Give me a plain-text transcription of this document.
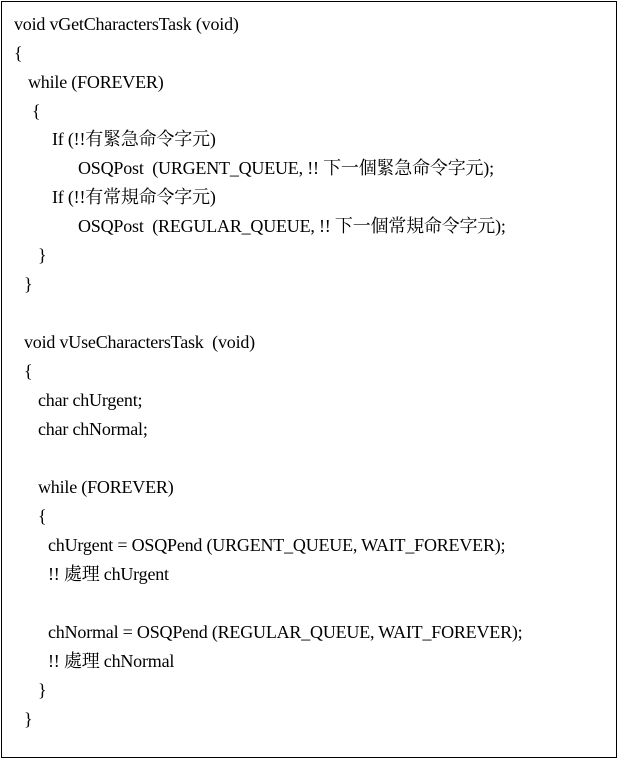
void vGetCharactersTask (void)
{
while (FOREVER)
{
If (!!有緊急命令字元)
OSQPost  (URGENT_QUEUE, !! 下一個緊急命令字元);
If (!!有常規命令字元)
OSQPost  (REGULAR_QUEUE, !! 下一個常規命令字元);
}
}
void vUseCharactersTask  (void)
{
char chUrgent;
char chNormal;
while (FOREVER)
{
chUrgent = OSQPend (URGENT_QUEUE, WAIT_FOREVER);
!! 處理 chUrgent
chNormal = OSQPend (REGULAR_QUEUE, WAIT_FOREVER);
!! 處理 chNormal
}
}
